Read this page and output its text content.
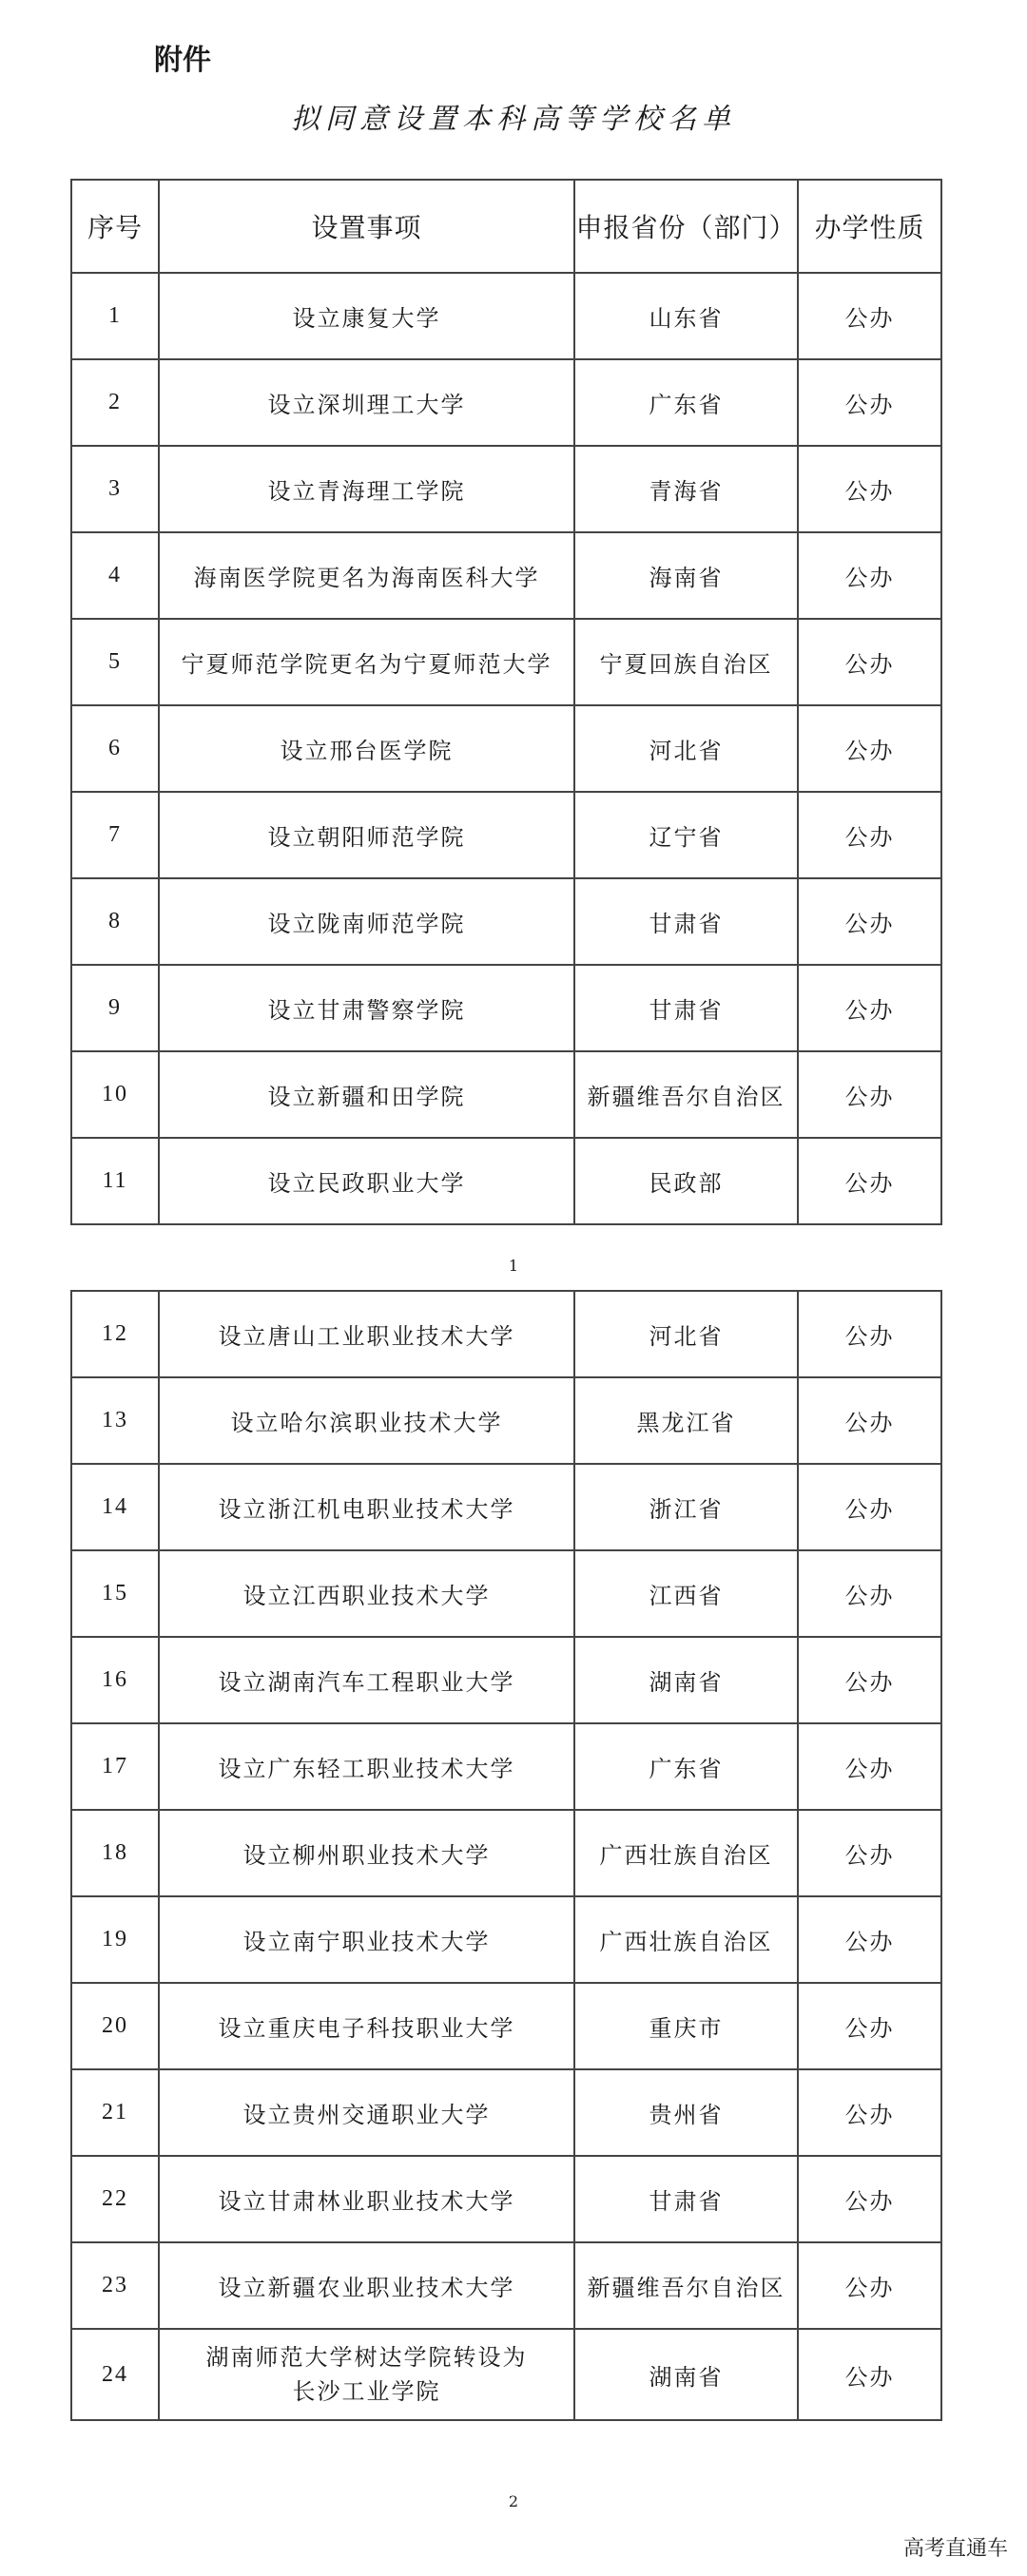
附件
拟同意设置本科高等学校名单
序号	设置事项	申报省份（部门）	办学性质
1	设立康复大学	山东省	公办
2	设立深圳理工大学	广东省	公办
3	设立青海理工学院	青海省	公办
4	海南医学院更名为海南医科大学	海南省	公办
5	宁夏师范学院更名为宁夏师范大学	宁夏回族自治区	公办
6	设立邢台医学院	河北省	公办
7	设立朝阳师范学院	辽宁省	公办
8	设立陇南师范学院	甘肃省	公办
9	设立甘肃警察学院	甘肃省	公办
10	设立新疆和田学院	新疆维吾尔自治区	公办
11	设立民政职业大学	民政部	公办
1
12	设立唐山工业职业技术大学	河北省	公办
13	设立哈尔滨职业技术大学	黑龙江省	公办
14	设立浙江机电职业技术大学	浙江省	公办
15	设立江西职业技术大学	江西省	公办
16	设立湖南汽车工程职业大学	湖南省	公办
17	设立广东轻工职业技术大学	广东省	公办
18	设立柳州职业技术大学	广西壮族自治区	公办
19	设立南宁职业技术大学	广西壮族自治区	公办
20	设立重庆电子科技职业大学	重庆市	公办
21	设立贵州交通职业大学	贵州省	公办
22	设立甘肃林业职业技术大学	甘肃省	公办
23	设立新疆农业职业技术大学	新疆维吾尔自治区	公办
24	湖南师范大学树达学院转设为
长沙工业学院	湖南省	公办
2
高考直通车
